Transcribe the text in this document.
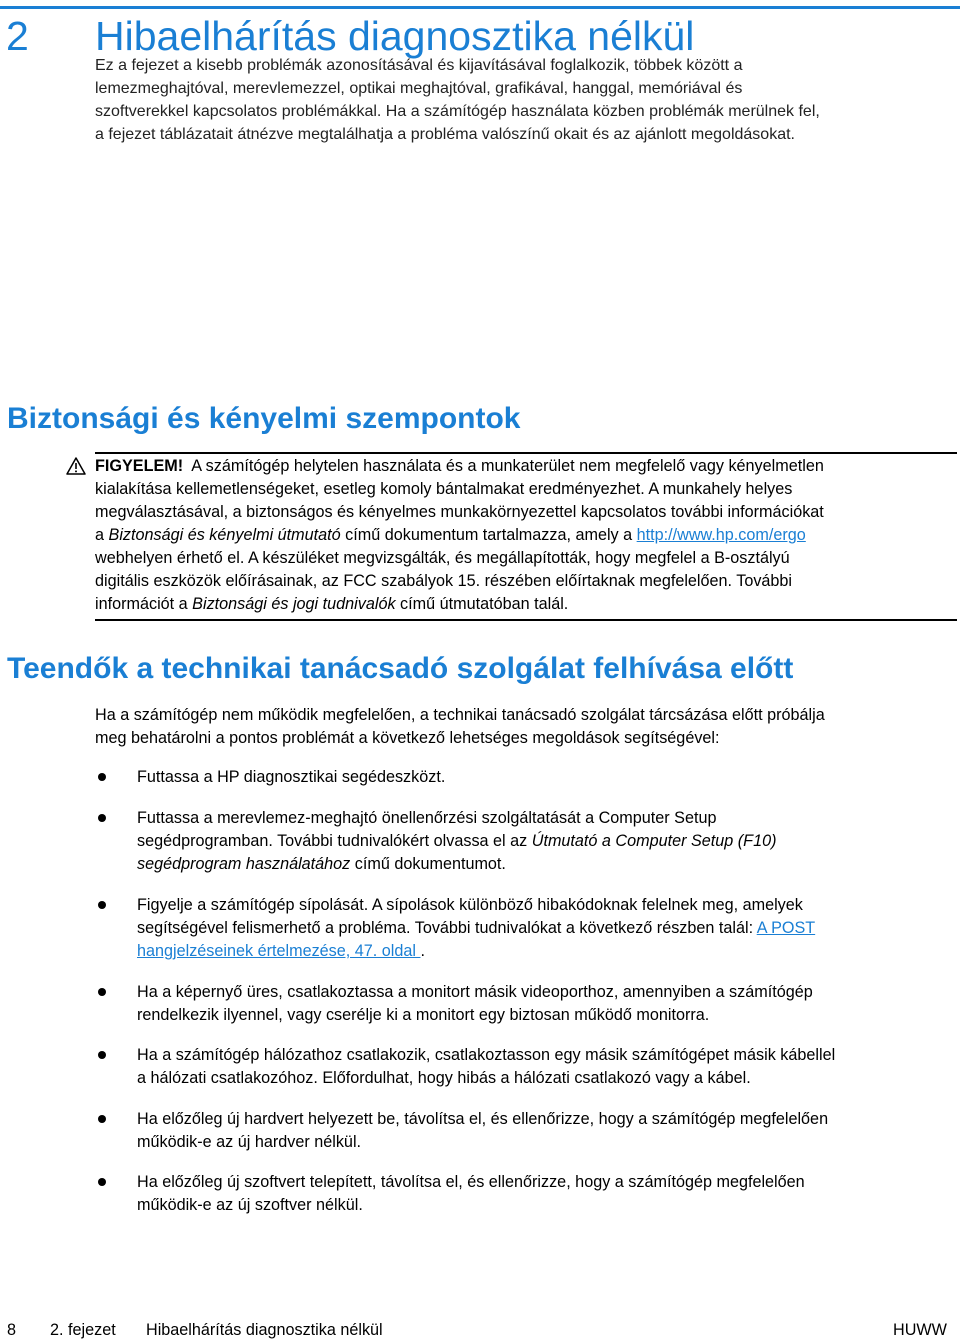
2 Hibaelhárítás diagnosztika nélkül
Ez a fejezet a kisebb problémák azonosításával és kijavításával foglalkozik, többek között a
lemezmeghajtóval, merevlemezzel, optikai meghajtóval, grafikával, hanggal, memóriával és
szoftverekkel kapcsolatos problémákkal. Ha a számítógép használata közben problémák merülnek fel,
a fejezet táblázatait átnézve megtalálhatja a probléma valószínű okait és az ajánlott megoldásokat.
Biztonsági és kényelmi szempontok
FIGYELEM! A számítógép helytelen használata és a munkaterület nem megfelelő vagy kényelmetlen
kialakítása kellemetlenségeket, esetleg komoly bántalmakat eredményezhet. A munkahely helyes
megválasztásával, a biztonságos és kényelmes munkakörnyezettel kapcsolatos további információkat
a Biztonsági és kényelmi útmutató című dokumentum tartalmazza, amely a http://www.hp.com/ergo
webhelyen érhető el. A készüléket megvizsgálták, és megállapították, hogy megfelel a B-osztályú
digitális eszközök előírásainak, az FCC szabályok 15. részében előírtaknak megfelelően. További
információt a Biztonsági és jogi tudnivalók című útmutatóban talál.
Teendők a technikai tanácsadó szolgálat felhívása előtt
Ha a számítógép nem működik megfelelően, a technikai tanácsadó szolgálat tárcsázása előtt próbálja
meg behatárolni a pontos problémát a következő lehetséges megoldások segítségével:
Futtassa a HP diagnosztikai segédeszközt.
Futtassa a merevlemez-meghajtó önellenőrzési szolgáltatását a Computer Setup
segédprogramban. További tudnivalókért olvassa el az Útmutató a Computer Setup (F10)
segédprogram használatához című dokumentumot.
Figyelje a számítógép sípolását. A sípolások különböző hibakódoknak felelnek meg, amelyek
segítségével felismerhető a probléma. További tudnivalókat a következő részben talál: A POST
hangjelzéseinek értelmezése, 47. oldal .
Ha a képernyő üres, csatlakoztassa a monitort másik videoporthoz, amennyiben a számítógép
rendelkezik ilyennel, vagy cserélje ki a monitort egy biztosan működő monitorra.
Ha a számítógép hálózathoz csatlakozik, csatlakoztasson egy másik számítógépet másik kábellel
a hálózati csatlakozóhoz. Előfordulhat, hogy hibás a hálózati csatlakozó vagy a kábel.
Ha előzőleg új hardvert helyezett be, távolítsa el, és ellenőrizze, hogy a számítógép megfelelően
működik-e az új hardver nélkül.
Ha előzőleg új szoftvert telepített, távolítsa el, és ellenőrizze, hogy a számítógép megfelelően
működik-e az új szoftver nélkül.
8 2. fejezet Hibaelhárítás diagnosztika nélkül	HUWW
